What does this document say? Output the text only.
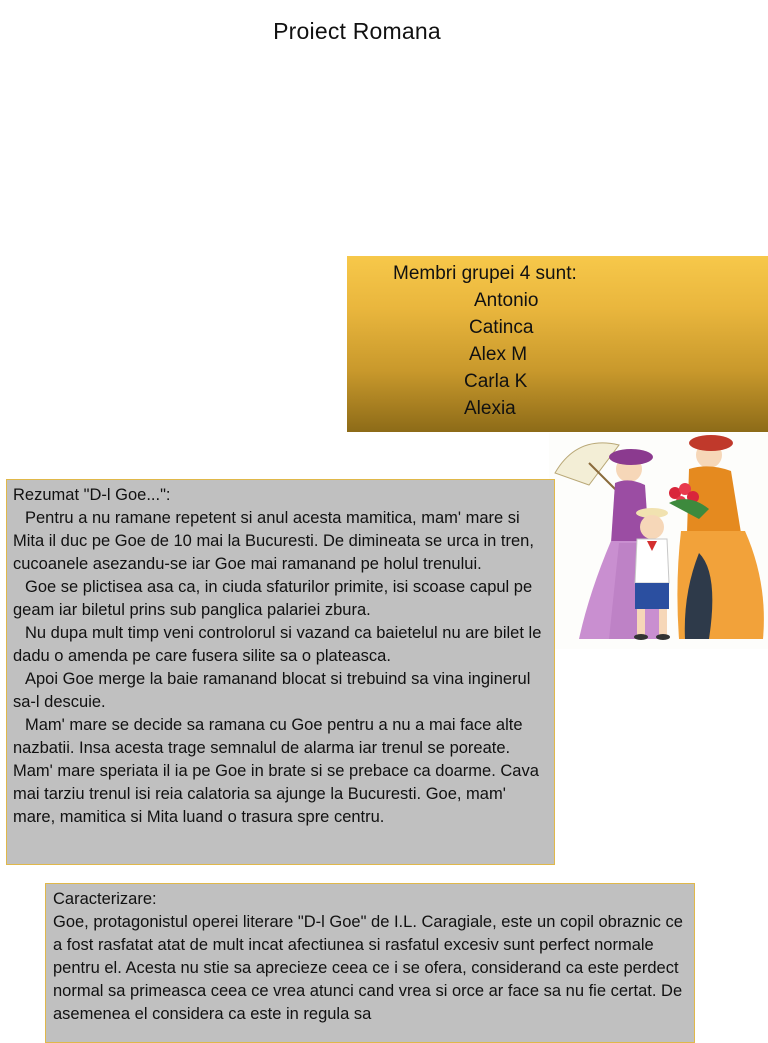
Proiect Romana
Membri grupei 4 sunt:
Antonio
Catinca
Alex M
Carla K
Alexia

Rezumat "D-l Goe...":

Pentru a nu ramane repetent si anul acesta mamitica, mam' mare si Mita il duc pe Goe de 10 mai la Bucuresti. De dimineata se urca in tren, cucoanele asezandu-se iar Goe mai ramanand pe holul trenului.

Goe se plictisea asa ca, in ciuda sfaturilor primite, isi scoase capul pe geam iar biletul prins sub panglica palariei zbura.

Nu dupa mult timp veni controlorul si vazand ca baietelul nu are bilet le dadu o amenda pe care fusera silite sa o plateasca.

Apoi Goe merge la baie ramanand blocat si trebuind sa vina inginerul sa-l descuie.

Mam' mare se decide sa ramana cu Goe pentru a nu a mai face alte nazbatii. Insa acesta trage semnalul de alarma iar trenul se poreate. Mam' mare speriata il ia pe Goe in brate si se prebace ca doarme. Cava mai tarziu trenul isi reia calatoria sa ajunge la Bucuresti. Goe, mam' mare, mamitica si Mita luand o trasura spre centru.

Caracterizare:

Goe, protagonistul operei literare "D-l Goe" de I.L. Caragiale, este un copil obraznic ce a fost rasfatat atat de mult incat afectiunea si rasfatul excesiv sunt perfect normale pentru el. Acesta nu stie sa aprecieze ceea ce i se ofera, considerand ca este perdect normal sa primeasca ceea ce vrea atunci cand vrea si orce ar face sa nu fie certat. De asemenea el considera ca este in regula sa
